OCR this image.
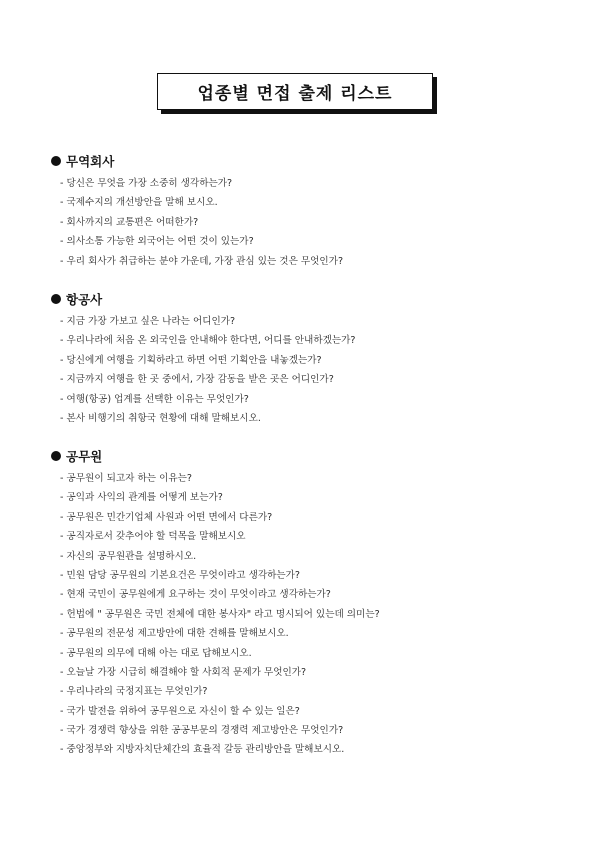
업종별 면접 출제 리스트
무역회사
- 당신은 무엇을 가장 소중히 생각하는가?
- 국제수지의 개선방안을 말해 보시오.
- 회사까지의 교통편은 어떠한가?
- 의사소통 가능한 외국어는 어떤 것이 있는가?
- 우리 회사가 취급하는 분야 가운데, 가장 관심 있는 것은 무엇인가?
항공사
- 지금 가장 가보고 싶은 나라는 어디인가?
- 우리나라에 처음 온 외국인을 안내해야 한다면, 어디를 안내하겠는가?
- 당신에게 여행을 기획하라고 하면 어떤 기획안을 내놓겠는가?
- 지금까지 여행을 한 곳 중에서, 가장 감동을 받은 곳은 어디인가?
- 여행(항공) 업계를 선택한 이유는 무엇인가?
- 본사 비행기의 취항국 현황에 대해 말해보시오.
공무원
- 공무원이 되고자 하는 이유는?
- 공익과 사익의 관계를 어떻게 보는가?
- 공무원은 민간기업체 사원과 어떤 면에서 다른가?
- 공직자로서 갖추어야 할 덕목을 말해보시오
- 자신의 공무원관을 설명하시오.
- 민원 담당 공무원의 기본요건은 무엇이라고 생각하는가?
- 현재 국민이 공무원에게 요구하는 것이 무엇이라고 생각하는가?
- 헌법에 " 공무원은 국민 전체에 대한 봉사자" 라고 명시되어 있는데 의미는?
- 공무원의 전문성 제고방안에 대한 견해를 말해보시오.
- 공무원의 의무에 대해 아는 대로 답해보시오.
- 오늘날 가장 시급히 해결해야 할 사회적 문제가 무엇인가?
- 우리나라의 국정지표는 무엇인가?
- 국가 발전을 위하여 공무원으로 자신이 할 수 있는 일은?
- 국가 경쟁력 향상을 위한 공공부문의 경쟁력 제고방안은 무엇인가?
- 중앙정부와 지방자치단체간의 효율적 갈등 관리방안을 말해보시오.
